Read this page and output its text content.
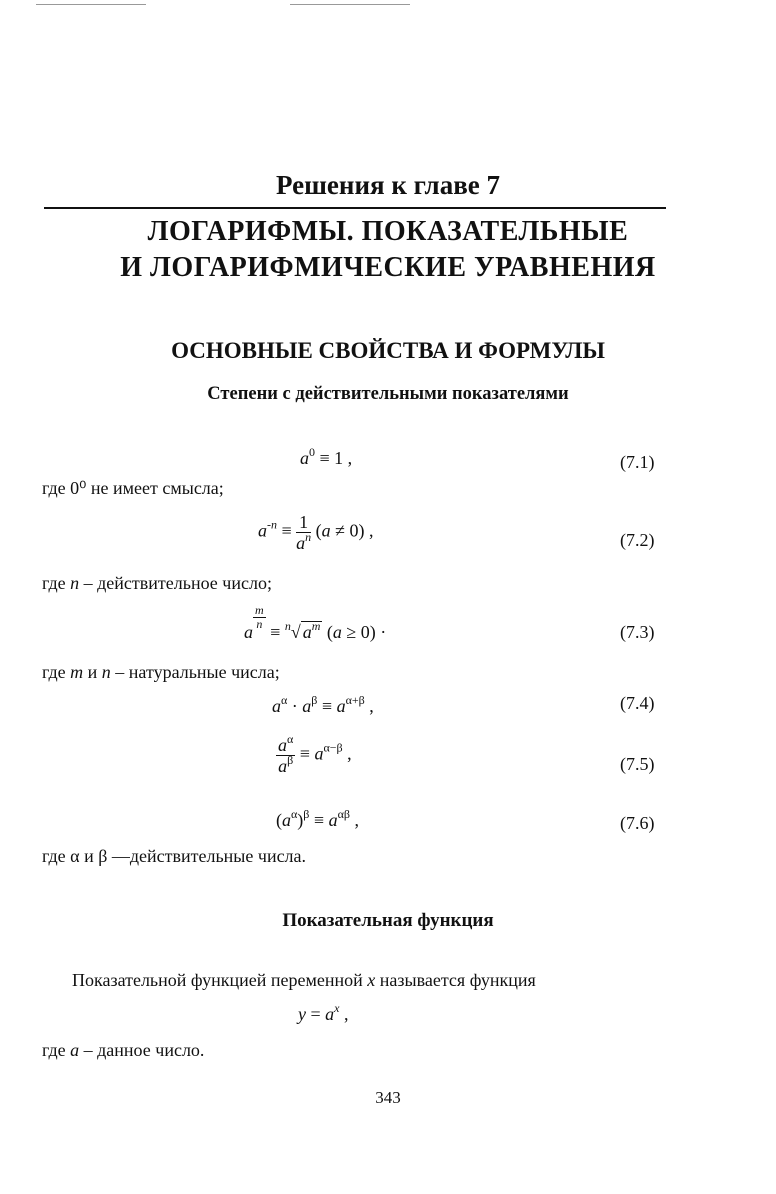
Решения к главе 7
ЛОГАРИФМЫ. ПОКАЗАТЕЛЬНЫЕ
И ЛОГАРИФМИЧЕСКИЕ УРАВНЕНИЯ
ОСНОВНЫЕ СВОЙСТВА И ФОРМУЛЫ
Степени с действительными показателями
$a^0 \equiv 1$ ,	(7.1)
где 0⁰ не имеет смысла;
$a^{-n} \equiv \frac{1}{a^n} (a \ne 0)$ ,	(7.2)
где n – действительное число;
a
$\frac{m}{n}$
≡ $^n$√ $a^m$ (a ≥ 0) ·	(7.3)
где m и n – натуральные числа;
$a^\alpha \cdot a^\beta \equiv a^{\alpha+\beta}$ ,	(7.4)
$\frac{a^\alpha}{a^\beta} \equiv a^{\alpha-\beta}$ ,
(7.5)
$(a^\alpha)^\beta \equiv a^{\alpha\beta}$ ,	(7.6)
где α и β —действительные числа.
Показательная функция
Показательной функцией переменной x называется функция
$y = a^x$ ,
где a – данное число.
343
